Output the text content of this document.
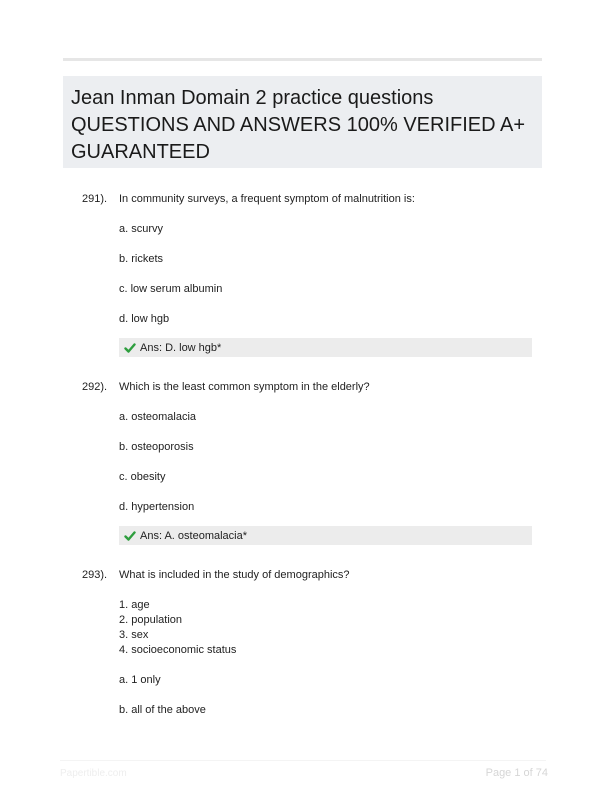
Jean Inman Domain 2 practice questions
QUESTIONS AND ANSWERS 100% VERIFIED A+
GUARANTEED
291). In community surveys, a frequent symptom of malnutrition is:
a. scurvy
b. rickets
c. low serum albumin
d. low hgb
Ans: D. low hgb*
292). Which is the least common symptom in the elderly?
a. osteomalacia
b. osteoporosis
c. obesity
d. hypertension
Ans: A. osteomalacia*
293). What is included in the study of demographics?
1. age
2. population
3. sex
4. socioeconomic status
a. 1 only
b. all of the above
Papertible.com	Page 1 of 74
